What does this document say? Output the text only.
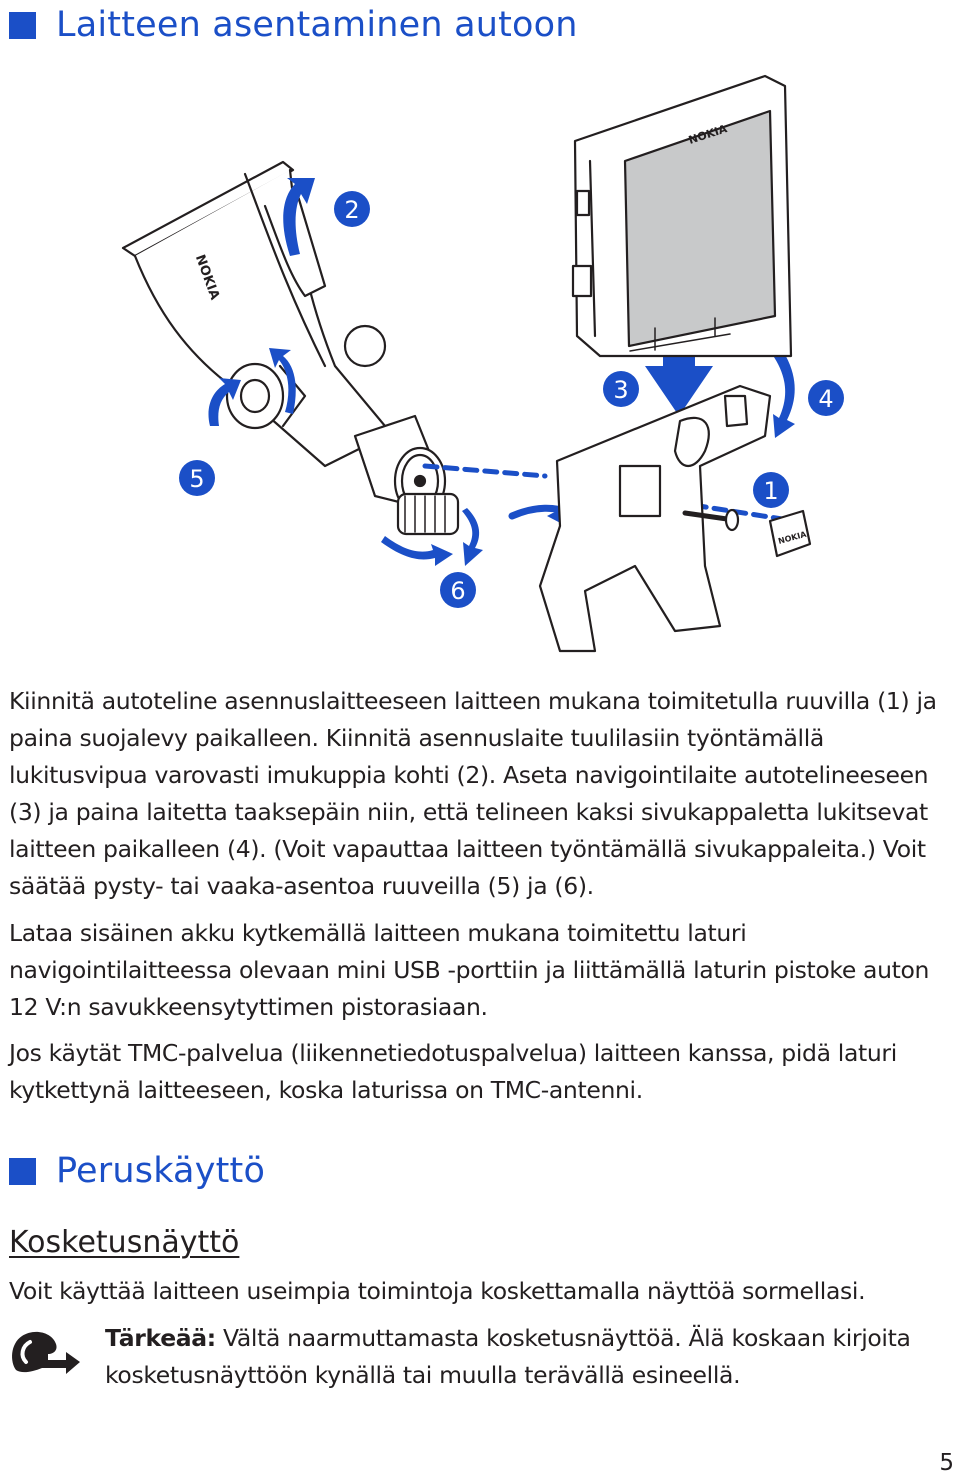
Laitteen asentaminen autoon
NOKIA
NOKIA
NOKIA
2
3	4
1
5
6

Kiinnitä autoteline asennuslaitteeseen laitteen mukana toimitetulla ruuvilla (1) ja paina suojalevy paikalleen. Kiinnitä asennuslaite tuulilasiin työntämällä lukitusvipua varovasti imukuppia kohti (2). Aseta navigointilaite autotelineeseen (3) ja paina laitetta taaksepäin niin, että telineen kaksi sivukappaletta lukitsevat laitteen paikalleen (4). (Voit vapauttaa laitteen työntämällä sivukappaleita.) Voit säätää pysty- tai vaaka-asentoa ruuveilla (5) ja (6).

Lataa sisäinen akku kytkemällä laitteen mukana toimitettu laturi navigointilaitteessa olevaan mini USB -porttiin ja liittämällä laturin pistoke auton 12 V:n savukkeensytyttimen pistorasiaan.

Jos käytät TMC-palvelua (liikennetiedotuspalvelua) laitteen kanssa, pidä laturi kytkettynä laitteeseen, koska laturissa on TMC-antenni.

Peruskäyttö
Kosketusnäyttö

Voit käyttää laitteen useimpia toimintoja koskettamalla näyttöä sormellasi.

Tärkeää: Vältä naarmuttamasta kosketusnäyttöä. Älä koskaan kirjoita kosketusnäyttöön kynällä tai muulla terävällä esineellä.

5
